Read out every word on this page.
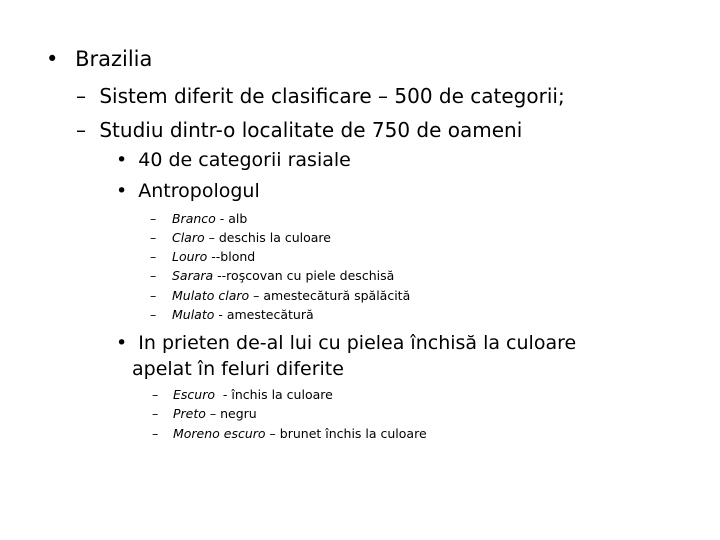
• Brazilia
– Sistem diferit de clasificare – 500 de categorii;
– Studiu dintr-o localitate de 750 de oameni
• 40 de categorii rasiale
• Antropologul
– Branco - alb
– Claro – deschis la culoare
– Louro --blond
– Sarara --roşcovan cu piele deschisă
– Mulato claro – amestecătură spălăcită
– Mulato - amestecătură
• In prieten de-al lui cu pielea închisă la culoare
apelat în feluri diferite
– Escuro  - închis la culoare
– Preto – negru
– Moreno escuro – brunet închis la culoare
